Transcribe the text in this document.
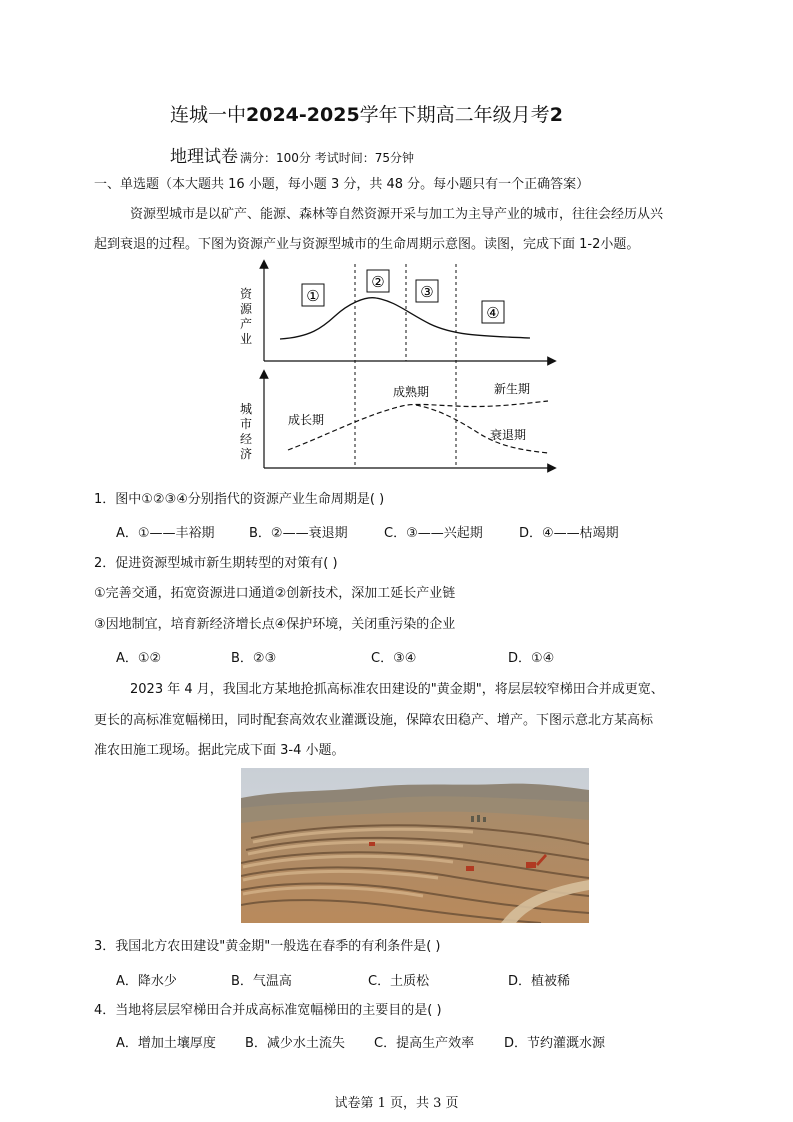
连城一中2024-2025学年下期高二年级月考2
地理试卷 满分：100分 考试时间：75分钟
一、单选题（本大题共 16 小题，每小题 3 分，共 48 分。每小题只有一个正确答案）
资源型城市是以矿产、能源、森林等自然资源开采与加工为主导产业的城市，往往会经历从兴
起到衰退的过程。下图为资源产业与资源型城市的生命周期示意图。读图，完成下面 1-2小题。
①
②
③
④
资
源
产
业
城
市
经
济
成长期
成熟期	新生期
衰退期
1．图中①②③④分别指代的资源产业生命周期是( )
A．①——丰裕期	B．②——衰退期	C．③——兴起期	D．④——枯竭期
2．促进资源型城市新生期转型的对策有( )
①完善交通，拓宽资源进口通道②创新技术，深加工延长产业链
③因地制宜，培育新经济增长点④保护环境，关闭重污染的企业
A．①②	B．②③	C．③④	D．①④
2023 年 4 月，我国北方某地抢抓高标准农田建设的"黄金期"，将层层较窄梯田合并成更宽、
更长的高标准宽幅梯田，同时配套高效农业灌溉设施，保障农田稳产、增产。下图示意北方某高标
准农田施工现场。据此完成下面 3-4 小题。
3．我国北方农田建设"黄金期"一般选在春季的有利条件是( )
A．降水少	B．气温高	C．土质松	D．植被稀
4．当地将层层窄梯田合并成高标准宽幅梯田的主要目的是( )
A．增加土壤厚度 B．减少水土流失 C．提高生产效率 D．节约灌溉水源
试卷第 1 页，共 3 页
